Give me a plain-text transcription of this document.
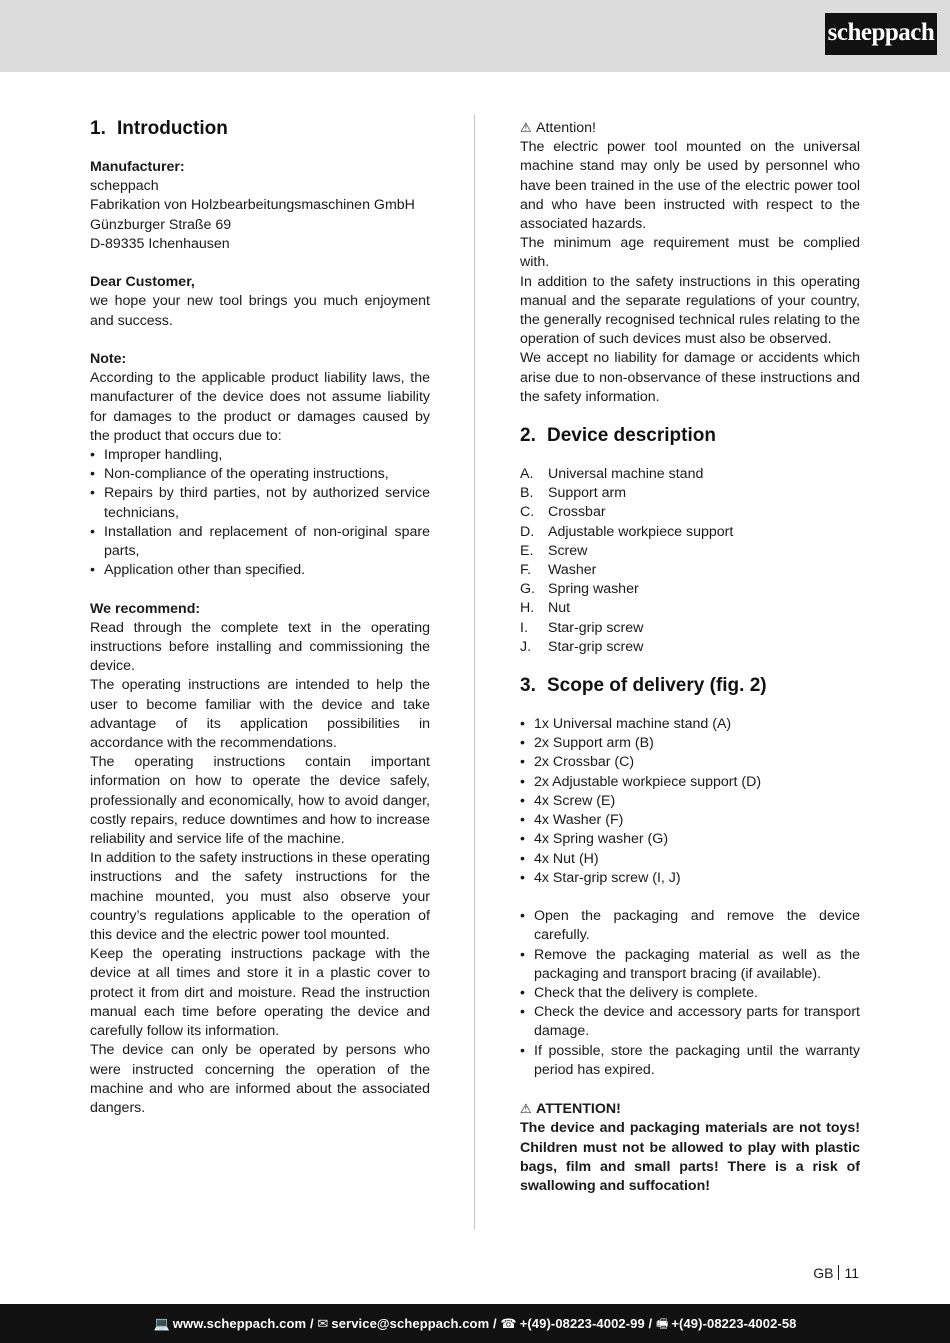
scheppach
1. Introduction
Manufacturer:
scheppach
Fabrikation von Holzbearbeitungsmaschinen GmbH
Günzburger Straße 69
D-89335 Ichenhausen
Dear Customer,
we hope your new tool brings you much enjoyment and success.
Note:
According to the applicable product liability laws, the manufacturer of the device does not assume liability for damages to the product or damages caused by the product that occurs due to:
• Improper handling,
• Non-compliance of the operating instructions,
• Repairs by third parties, not by authorized service technicians,
• Installation and replacement of non-original spare parts,
• Application other than specified.
We recommend:
Read through the complete text in the operating instructions before installing and commissioning the device.
The operating instructions are intended to help the user to become familiar with the device and take advantage of its application possibilities in accordance with the recommendations.
The operating instructions contain important information on how to operate the device safely, professionally and economically, how to avoid danger, costly repairs, reduce downtimes and how to increase reliability and service life of the machine.
In addition to the safety instructions in these operating instructions and the safety instructions for the machine mounted, you must also observe your country’s regulations applicable to the operation of this device and the electric power tool mounted.
Keep the operating instructions package with the device at all times and store it in a plastic cover to protect it from dirt and moisture. Read the instruction manual each time before operating the device and carefully follow its information.
The device can only be operated by persons who were instructed concerning the operation of the machine and who are informed about the associated dangers.
⚠ Attention!
The electric power tool mounted on the universal machine stand may only be used by personnel who have been trained in the use of the electric power tool and who have been instructed with respect to the associated hazards.
The minimum age requirement must be complied with.
In addition to the safety instructions in this operating manual and the separate regulations of your country, the generally recognised technical rules relating to the operation of such devices must also be observed.
We accept no liability for damage or accidents which arise due to non-observance of these instructions and the safety information.
2. Device description
A. Universal machine stand
B. Support arm
C. Crossbar
D. Adjustable workpiece support
E. Screw
F. Washer
G. Spring washer
H. Nut
I. Star-grip screw
J. Star-grip screw
3. Scope of delivery (fig. 2)
• 1x Universal machine stand (A)
• 2x Support arm (B)
• 2x Crossbar (C)
• 2x Adjustable workpiece support (D)
• 4x Screw (E)
• 4x Washer (F)
• 4x Spring washer (G)
• 4x Nut (H)
• 4x Star-grip screw (I, J)
• Open the packaging and remove the device carefully.
• Remove the packaging material as well as the packaging and transport bracing (if available).
• Check that the delivery is complete.
• Check the device and accessory parts for transport damage.
• If possible, store the packaging until the warranty period has expired.
⚠ ATTENTION!
The device and packaging materials are not toys! Children must not be allowed to play with plastic bags, film and small parts! There is a risk of swallowing and suffocation!
GB 11
💻 www.scheppach.com / ✉ service@scheppach.com / ☎ +(49)-08223-4002-99 / 🖷 +(49)-08223-4002-58
